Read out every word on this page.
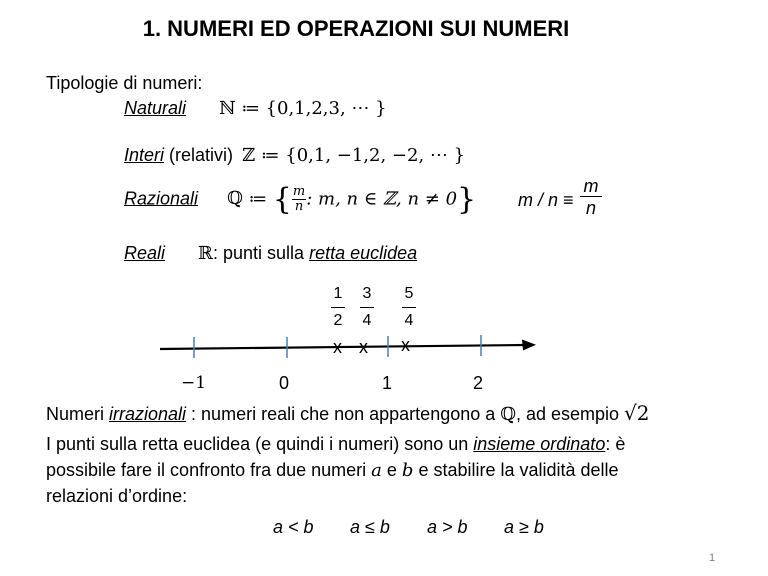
1. NUMERI ED OPERAZIONI SUI NUMERI
Tipologie di numeri:
Naturali ℕ ≔ {0,1,2,3, ⋯ }
Interi (relativi) ℤ ≔ {0,1, −1,2, −2, ⋯ }
Razionali ℚ ≔ { $\frac{m}{n}$ : m, n ∈ ℤ, n ≠ 0} $m / n \equiv \frac{m}{n}$
Reali ℝ: punti sulla retta euclidea
1
2
3
4
5
4
x x x
−1	0	1	2
Numeri irrazionali : numeri reali che non appartengono a ℚ, ad esempio √2
I punti sulla retta euclidea (e quindi i numeri) sono un insieme ordinato: è
possibile fare il confronto fra due numeri a e b e stabilire la validità delle
relazioni d’ordine:
a < b a ≤ b a > b a ≥ b
1
